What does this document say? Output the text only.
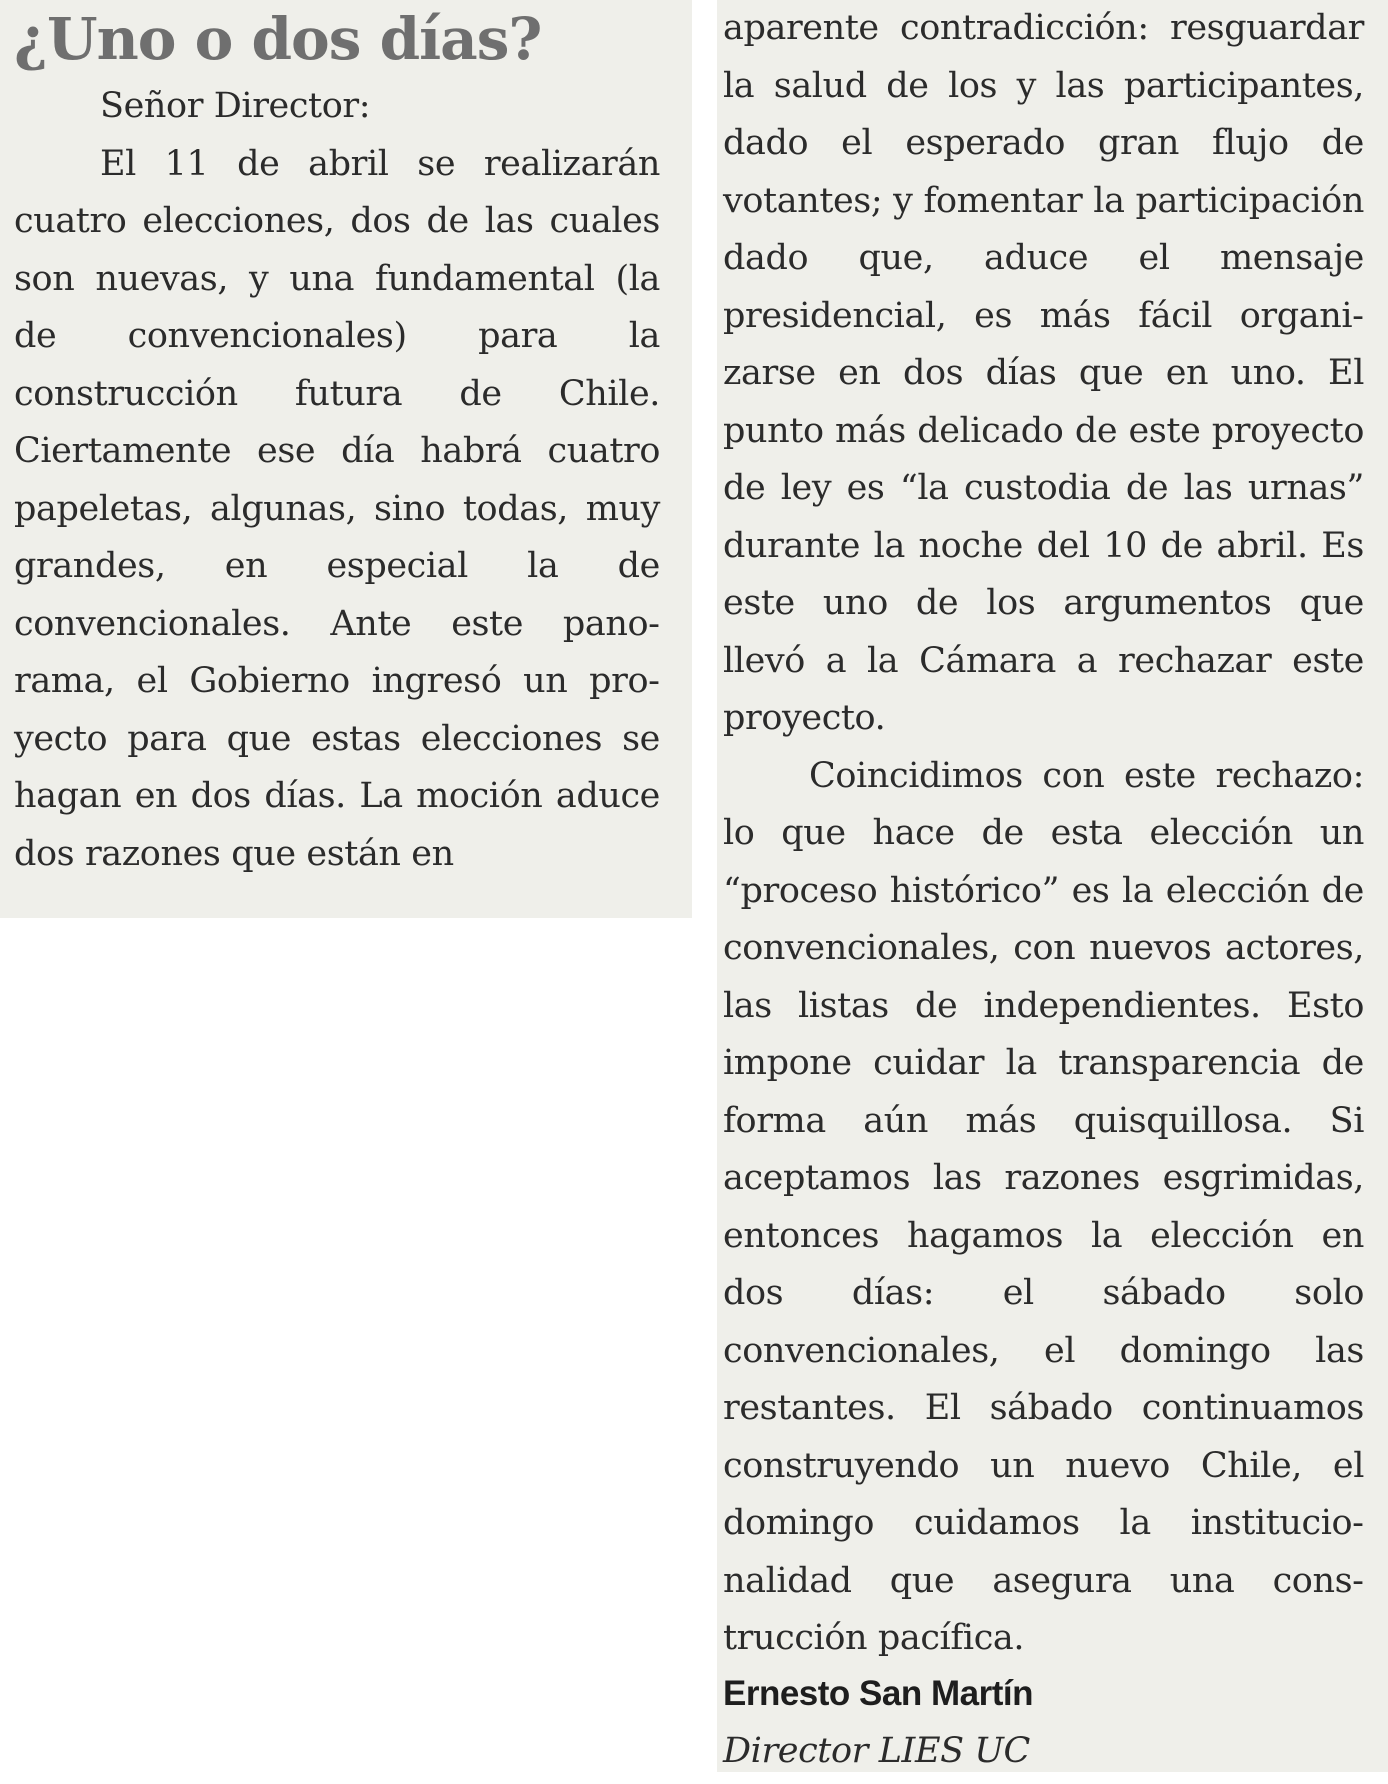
¿Uno o dos días?

Señor Director:

El 11 de abril se realizarán cuatro elecciones, dos de las cuales son nuevas, y una fundamental (la de convencionales) para la construcción futura de Chile. Ciertamente ese día habrá cuatro papeletas, algunas, sino todas, muy grandes, en especial la de convencionales. Ante este panorama, el Gobierno ingresó un proyecto para que estas elecciones se hagan en dos días. La moción aduce dos razones que están en

aparente contradicción: resguardar la salud de los y las participantes, dado el esperado gran flujo de votantes; y fomentar la participación dado que, aduce el mensaje presidencial, es más fácil organizarse en dos días que en uno. El punto más delicado de este proyecto de ley es “la custodia de las urnas” durante la noche del 10 de abril. Es este uno de los argumentos que llevó a la Cámara a rechazar este proyecto.

Coincidimos con este rechazo: lo que hace de esta elección un “proceso histórico” es la elección de convencionales, con nuevos actores, las listas de independientes. Esto impone cuidar la transparencia de forma aún más quisquillosa. Si aceptamos las razones esgrimidas, entonces hagamos la elección en dos días: el sábado solo convencionales, el domingo las restantes. El sábado continuamos construyendo un nuevo Chile, el domingo cuidamos la institucionalidad que asegura una construcción pacífica.

Ernesto San Martín

Director LIES UC
